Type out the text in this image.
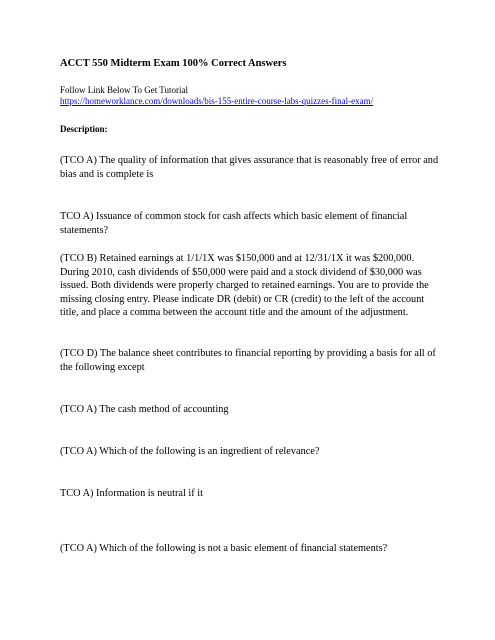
ACCT 550 Midterm Exam 100% Correct Answers
Follow Link Below To Get Tutorial
https://homeworklance.com/downloads/bis-155-entire-course-labs-quizzes-final-exam/
Description:
(TCO A) The quality of information that gives assurance that is reasonably free of error and bias and is complete is
TCO A) Issuance of common stock for cash affects which basic element of financial statements?
(TCO B) Retained earnings at 1/1/1X was $150,000 and at 12/31/1X it was $200,000. During 2010, cash dividends of $50,000 were paid and a stock dividend of $30,000 was issued. Both dividends were properly charged to retained earnings. You are to provide the missing closing entry. Please indicate DR (debit) or CR (credit) to the left of the account title, and place a comma between the account title and the amount of the adjustment.
(TCO D) The balance sheet contributes to financial reporting by providing a basis for all of the following except
(TCO A) The cash method of accounting
(TCO A) Which of the following is an ingredient of relevance?
TCO A) Information is neutral if it
(TCO A) Which of the following is not a basic element of financial statements?
